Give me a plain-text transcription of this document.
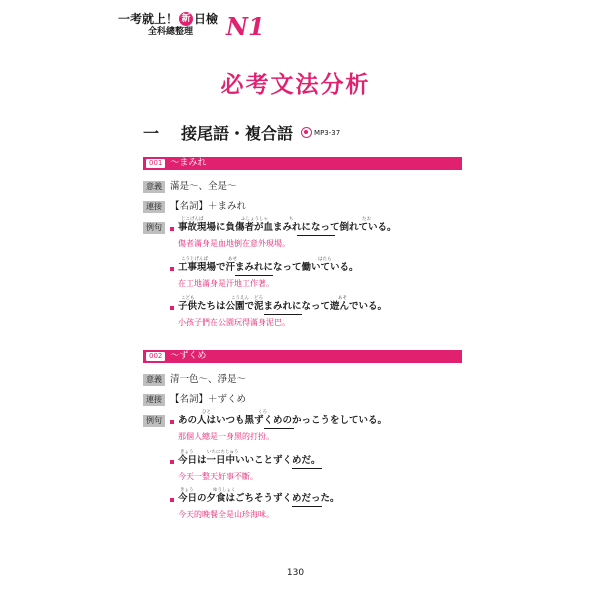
一考就上！ 新 日檢
全科總整理	N1
必考文法分析
一 接尾語・複合語	MP3-37
001 ～まみれ
意義 滿是～、全是～
連接 【名詞】＋まみれ
例句
じこげんば	ふしょうしゃ	ち	たお
事故現場に負傷者が血まみれになって倒れている。
傷者滿身是血地倒在意外現場。
こうじげんば	あせ	はたら
工事現場で汗まみれになって働いている。
在工地滿身是汗地工作著。
こども	こうえん どろ	あそ
子供たちは公園で泥まみれになって遊んでいる。
小孩子們在公園玩得滿身泥巴。
002 ～ずくめ
意義 清一色～、淨是～
連接 【名詞】＋ずくめ
例句
ひと	くろ
あの人はいつも黒ずくめのかっこうをしている。
那個人總是一身黑的打扮。
きょう	いちにちじゅう
今日は一日中いいことずくめだ。
今天一整天好事不斷。
きょう	ゆうしょく
今日の夕食はごちそうずくめだった。
今天的晚餐全是山珍海味。
130
